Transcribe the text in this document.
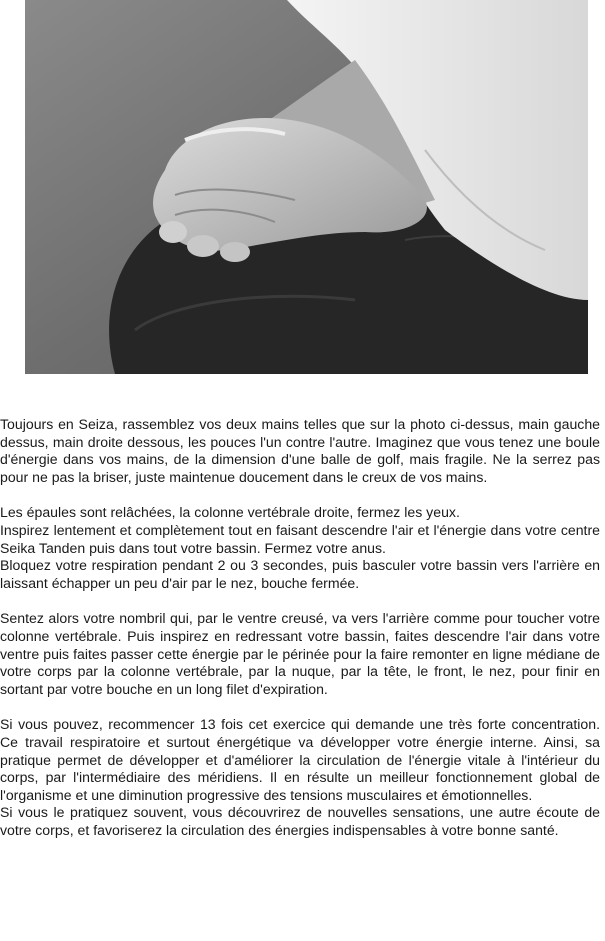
Toujours en Seiza, rassemblez vos deux mains telles que sur la photo ci-dessus, main gauche dessus, main droite dessous, les pouces l'un contre l'autre. Imaginez que vous tenez une boule d'énergie dans vos mains, de la dimension d'une balle de golf, mais fragile. Ne la serrez pas pour ne pas la briser, juste maintenue doucement dans le creux de vos mains.

Les épaules sont relâchées, la colonne vertébrale droite, fermez les yeux.

Inspirez lentement et complètement tout en faisant descendre l'air et l'énergie dans votre centre Seika Tanden puis dans tout votre bassin. Fermez votre anus.

Bloquez votre respiration pendant 2 ou 3 secondes, puis basculer votre bassin vers l'arrière en laissant échapper un peu d'air par le nez, bouche fermée.

Sentez alors votre nombril qui, par le ventre creusé, va vers l'arrière comme pour toucher votre colonne vertébrale. Puis inspirez en redressant votre bassin, faites descendre l'air dans votre ventre puis faites passer cette énergie par le périnée pour la faire remonter en ligne médiane de votre corps par la colonne vertébrale, par la nuque, par la tête, le front, le nez, pour finir en sortant par votre bouche en un long filet d'expiration.

Si vous pouvez, recommencer 13 fois cet exercice qui demande une très forte concentration. Ce travail respiratoire et surtout énergétique va développer votre énergie interne. Ainsi, sa pratique permet de développer et d'améliorer la circulation de l'énergie vitale à l'intérieur du corps, par l'intermédiaire des méridiens. Il en résulte un meilleur fonctionnement global de l'organisme et une diminution progressive des tensions musculaires et émotionnelles.

Si vous le pratiquez souvent, vous découvrirez de nouvelles sensations, une autre écoute de votre corps, et favoriserez la circulation des énergies indispensables à votre bonne santé.
